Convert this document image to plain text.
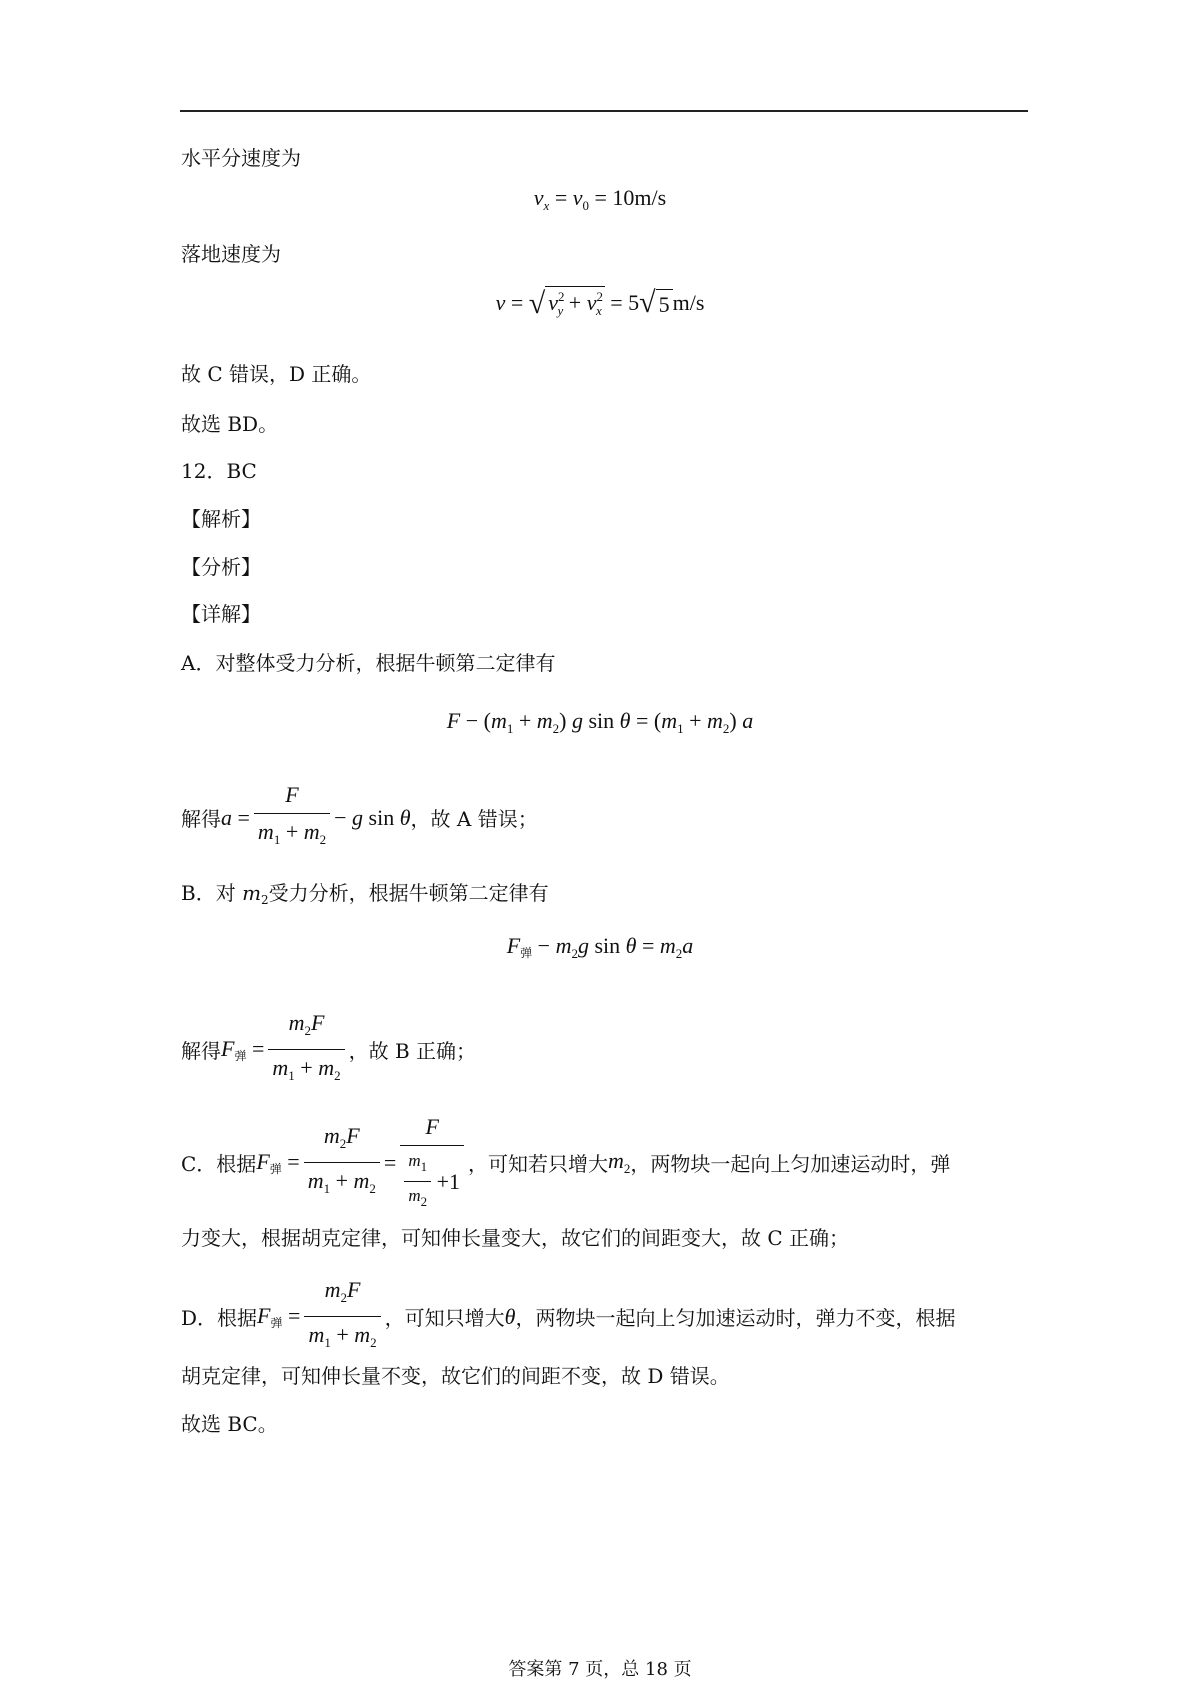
水平分速度为
$v_x = v_0 = 10m/s$
落地速度为
v = √ $v^2_y + v^2_x = 5$ √ 5 m/s
故 C 错误，D 正确。
故选 BD。
12．BC
【解析】
【分析】
【详解】
A．对整体受力分析，根据牛顿第二定律有
$F - (m_1 + m_2)$ g $\sin \theta = (m_1 + m_2)$ a
解得 $a = \frac{F}{m_1 + m_2} - g$ sin θ ，故 A 错误；
B．对 $m_2$受力分析，根据牛顿第二定律有
F弹 − $m_2g$ $\sin \theta = m_2a$
解得 F弹 = $\frac{m_2F}{m_1 + m_2}$ ，故 B 正确；
C．根据 F弹 = $\frac{m_2F}{m_1 + m_2} = \frac{F}{\frac{m_1}{m_2} + 1}$ ，可知若只增大 $m_2$ ，两物块一起向上匀加速运动时，弹
力变大，根据胡克定律，可知伸长量变大，故它们的间距变大，故 C 正确；
D．根据 F弹 = $\frac{m_2F}{m_1 + m_2}$ ，可知只增大 θ ，两物块一起向上匀加速运动时，弹力不变，根据
胡克定律，可知伸长量不变，故它们的间距不变，故 D 错误。
故选 BC。
答案第 7 页，总 18 页
